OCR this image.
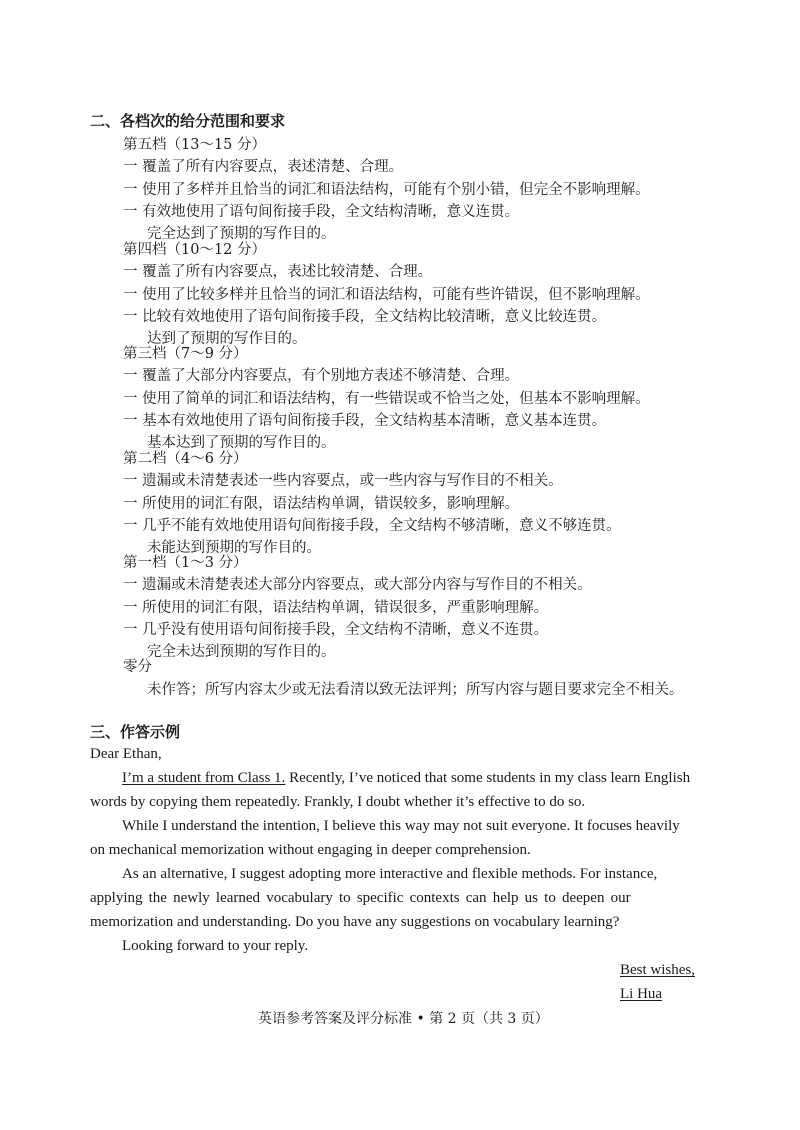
二、各档次的给分范围和要求
第五档（13～15 分）
一 覆盖了所有内容要点，表述清楚、合理。
一 使用了多样并且恰当的词汇和语法结构，可能有个别小错，但完全不影响理解。
一 有效地使用了语句间衔接手段，全文结构清晰，意义连贯。
完全达到了预期的写作目的。
第四档（10～12 分）
一 覆盖了所有内容要点，表述比较清楚、合理。
一 使用了比较多样并且恰当的词汇和语法结构，可能有些许错误，但不影响理解。
一 比较有效地使用了语句间衔接手段，全文结构比较清晰，意义比较连贯。
达到了预期的写作目的。
第三档（7～9 分）
一 覆盖了大部分内容要点，有个别地方表述不够清楚、合理。
一 使用了简单的词汇和语法结构，有一些错误或不恰当之处，但基本不影响理解。
一 基本有效地使用了语句间衔接手段，全文结构基本清晰，意义基本连贯。
基本达到了预期的写作目的。
第二档（4～6 分）
一 遗漏或未清楚表述一些内容要点，或一些内容与写作目的不相关。
一 所使用的词汇有限，语法结构单调，错误较多，影响理解。
一 几乎不能有效地使用语句间衔接手段，全文结构不够清晰，意义不够连贯。
未能达到预期的写作目的。
第一档（1～3 分）
一 遗漏或未清楚表述大部分内容要点，或大部分内容与写作目的不相关。
一 所使用的词汇有限，语法结构单调，错误很多，严重影响理解。
一 几乎没有使用语句间衔接手段，全文结构不清晰，意义不连贯。
完全未达到预期的写作目的。
零分
未作答；所写内容太少或无法看清以致无法评判；所写内容与题目要求完全不相关。
三、作答示例
Dear Ethan,
I’m a student from Class 1. Recently, I’ve noticed that some students in my class learn English
words by copying them repeatedly. Frankly, I doubt whether it’s effective to do so.
While I understand the intention, I believe this way may not suit everyone. It focuses heavily
on mechanical memorization without engaging in deeper comprehension.
As an alternative, I suggest adopting more interactive and flexible methods. For instance,
applying the newly learned vocabulary to specific contexts can help us to deepen our
memorization and understanding. Do you have any suggestions on vocabulary learning?
Looking forward to your reply.
Best wishes,
Li Hua
英语参考答案及评分标准 • 第 2 页（共 3 页）
